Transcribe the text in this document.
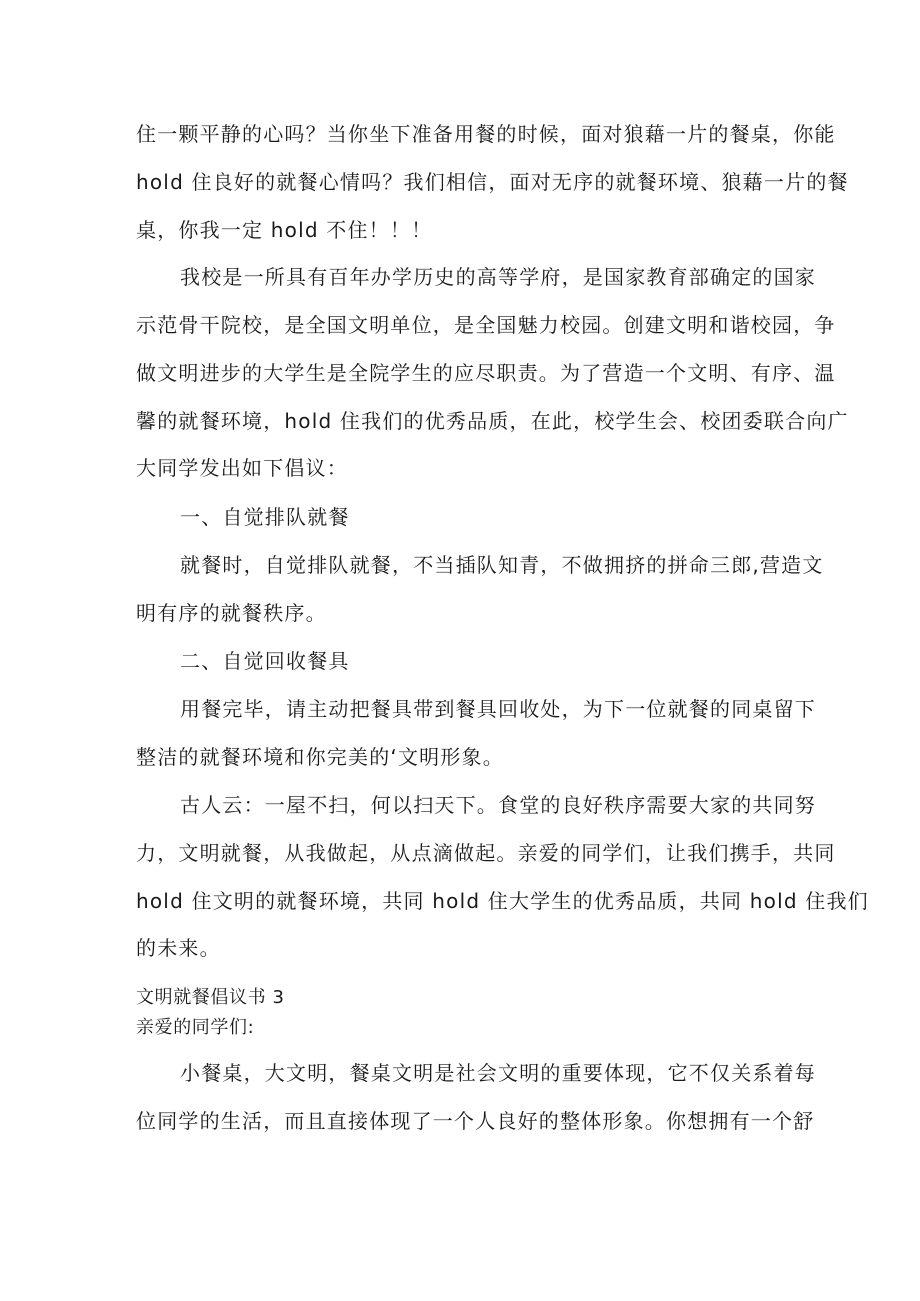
住一颗平静的心吗？当你坐下准备用餐的时候，面对狼藉一片的餐桌，你能
hold 住良好的就餐心情吗？我们相信，面对无序的就餐环境、狼藉一片的餐
桌，你我一定 hold 不住！！！
我校是一所具有百年办学历史的高等学府，是国家教育部确定的国家
示范骨干院校，是全国文明单位，是全国魅力校园。创建文明和谐校园，争
做文明进步的大学生是全院学生的应尽职责。为了营造一个文明、有序、温
馨的就餐环境，hold 住我们的优秀品质，在此，校学生会、校团委联合向广
大同学发出如下倡议：
一、自觉排队就餐
就餐时，自觉排队就餐，不当插队知青，不做拥挤的拼命三郎,营造文
明有序的就餐秩序。
二、自觉回收餐具
用餐完毕，请主动把餐具带到餐具回收处，为下一位就餐的同桌留下
整洁的就餐环境和你完美的‘文明形象。
古人云：一屋不扫，何以扫天下。食堂的良好秩序需要大家的共同努
力，文明就餐，从我做起，从点滴做起。亲爱的同学们，让我们携手，共同
hold 住文明的就餐环境，共同 hold 住大学生的优秀品质，共同 hold 住我们
的未来。
文明就餐倡议书 3
亲爱的同学们:
小餐桌，大文明，餐桌文明是社会文明的重要体现，它不仅关系着每
位同学的生活，而且直接体现了一个人良好的整体形象。你想拥有一个舒
